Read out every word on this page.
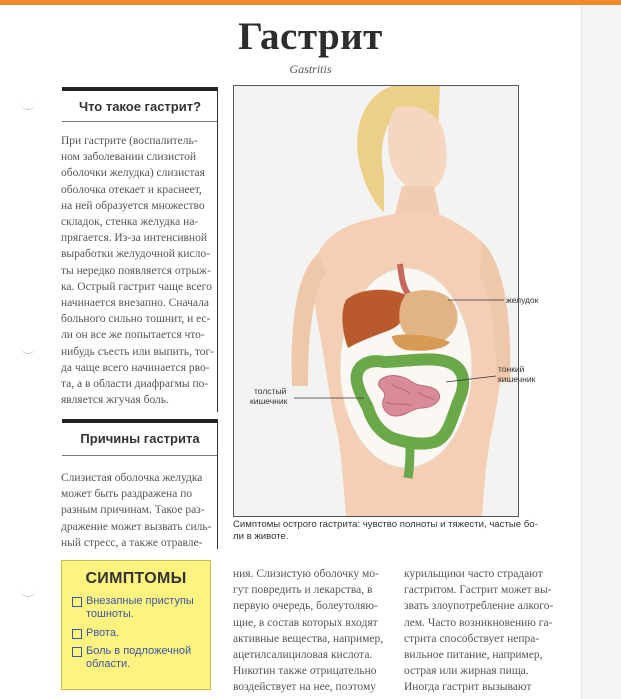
Гастрит
Gastritis
Что такое гастрит?
При гастрите (воспалитель-
ном заболевании слизистой
оболочки желудка) слизистая
оболочка отекает и краснеет,
на ней образуется множество
складок, стенка желудка на-
прягается. Из-за интенсивной
выработки желудочной кисло-
ты нередко появляется отрыж-
ка. Острый гастрит чаще всего
начинается внезапно. Сначала
больного сильно тошнит, и ес-
ли он все же попытается что-
нибудь съесть или выпить, тог-
да чаще всего начинается рво-
та, а в области диафрагмы по-
является жгучая боль.
Причины гастрита
Слизистая оболочка желудка
может быть раздражена по
разным причинам. Такое раз-
дражение может вызвать силь-
ный стресс, а также отравле-
желудок
тонкий
кишечник
толстый
кишечник
Симптомы острого гастрита: чувство полноты и тяжести, частые бо-
ли в животе.
ния. Слизистую оболочку мо-
гут повредить и лекарства, в
первую очередь, болеутоляю-
щие, в состав которых входят
активные вещества, например,
ацетилсалициловая кислота.
Никотин также отрицательно
воздействует на нее, поэтому
курильщики часто страдают
гастритом. Гастрит может вы-
звать злоупотребление алкого-
лем. Часто возникновению га-
стрита способствует непра-
вильное питание, например,
острая или жирная пища.
Иногда гастрит вызывают
СИМПТОМЫ
Внезапные приступы
тошноты.
Рвота.
Боль в подложечной
области.
